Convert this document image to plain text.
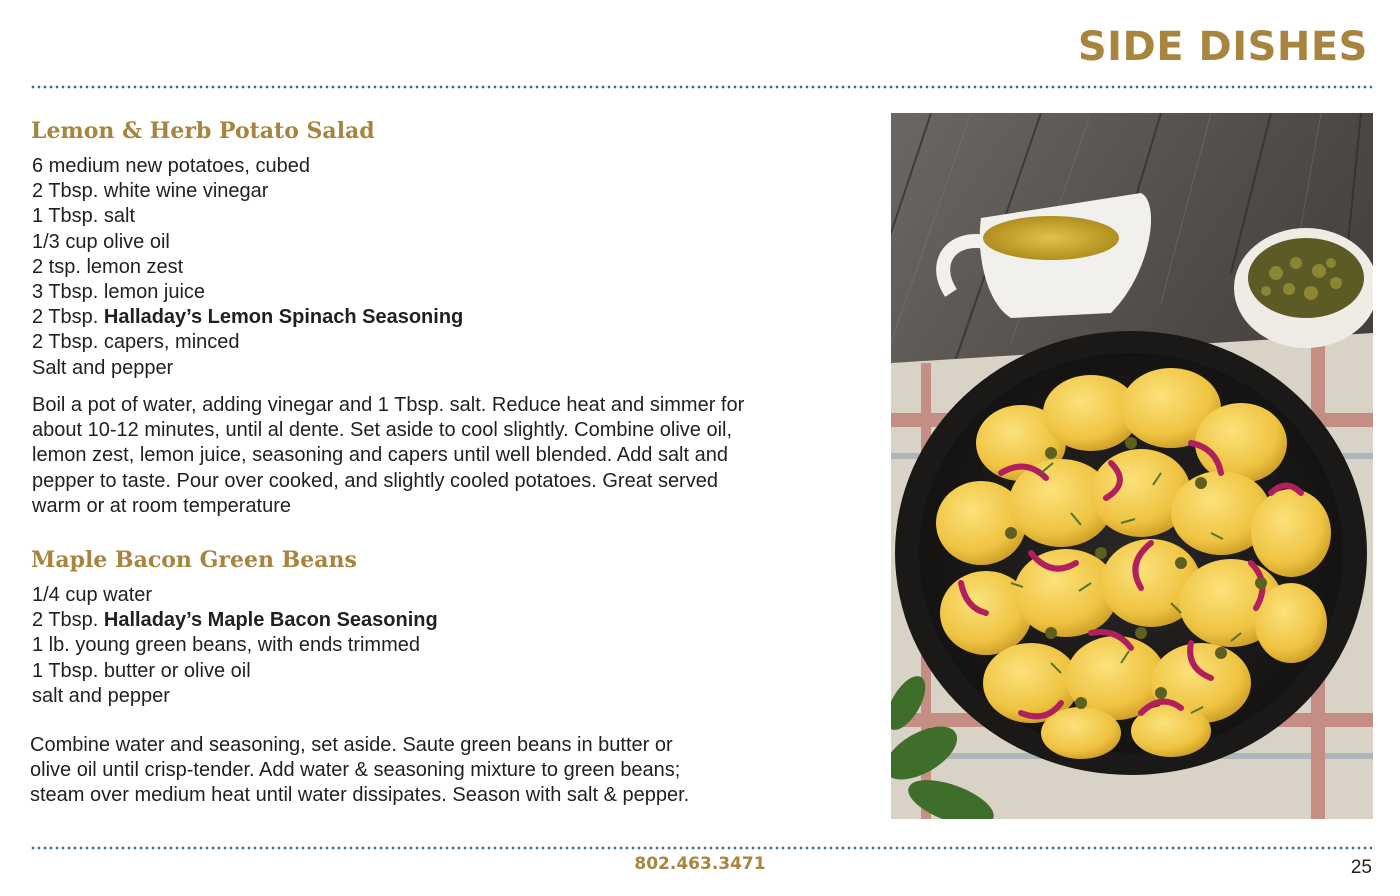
SIDE DISHES
Lemon & Herb Potato Salad
6 medium new potatoes, cubed
2 Tbsp. white wine vinegar
1 Tbsp. salt
1/3 cup olive oil
2 tsp. lemon zest
3 Tbsp. lemon juice
2 Tbsp. Halladay’s Lemon Spinach Seasoning
2 Tbsp. capers, minced
Salt and pepper
Boil a pot of water, adding vinegar and 1 Tbsp. salt. Reduce heat and simmer for
about 10-12 minutes, until al dente. Set aside to cool slightly. Combine olive oil,
lemon zest, lemon juice, seasoning and capers until well blended. Add salt and
pepper to taste. Pour over cooked, and slightly cooled potatoes. Great served
warm or at room temperature
Maple Bacon Green Beans
1/4 cup water
2 Tbsp. Halladay’s Maple Bacon Seasoning
1 lb. young green beans, with ends trimmed
1 Tbsp. butter or olive oil
salt and pepper
Combine water and seasoning, set aside. Saute green beans in butter or
olive oil until crisp-tender. Add water & seasoning mixture to green beans;
steam over medium heat until water dissipates. Season with salt & pepper.
802.463.3471	25
